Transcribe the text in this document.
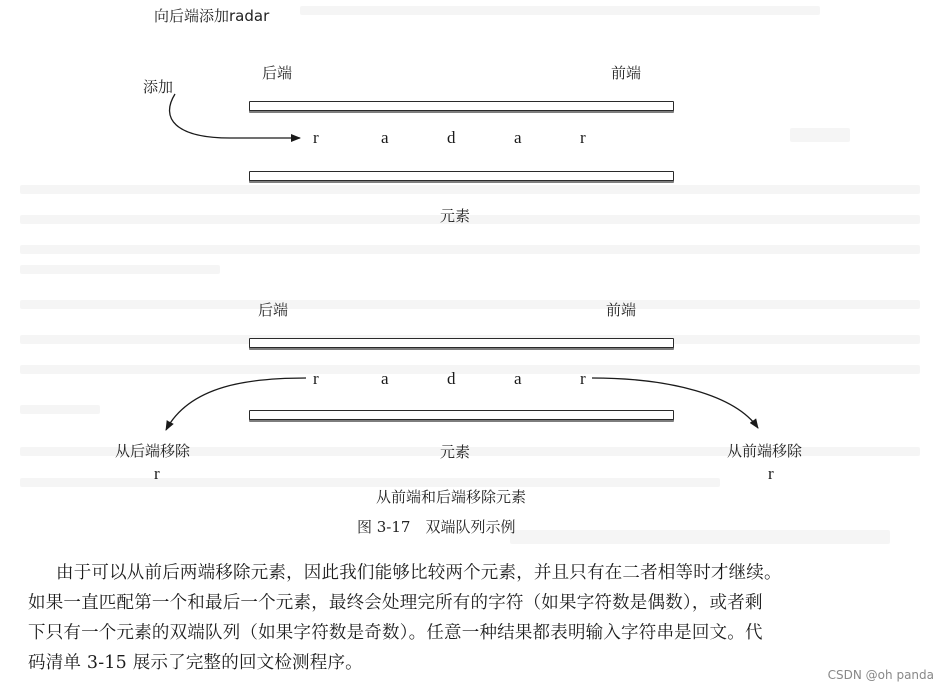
向后端添加radar
添加
后端	前端
r	a	d	a	r
元素
后端	前端
r	a	d	a	r
从后端移除	从前端移除
r	r
元素
从前端和后端移除元素
图 3-17　双端队列示例

由于可以从前后两端移除元素，因此我们能够比较两个元素，并且只有在二者相等时才继续。

如果一直匹配第一个和最后一个元素，最终会处理完所有的字符（如果字符数是偶数），或者剩

下只有一个元素的双端队列（如果字符数是奇数）。任意一种结果都表明输入字符串是回文。代

码清单 3-15 展示了完整的回文检测程序。

CSDN @oh panda
